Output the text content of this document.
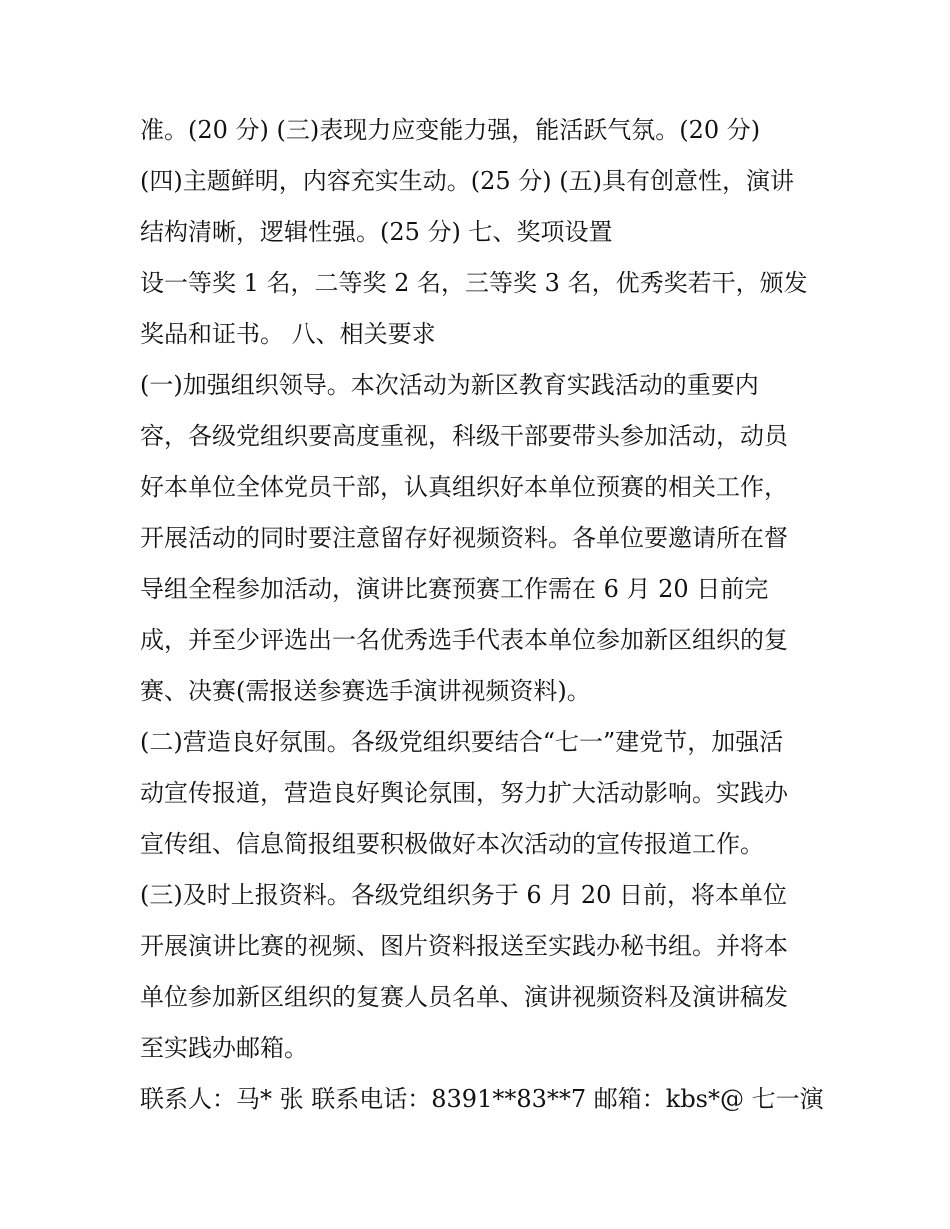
准。(20 分) (三)表现力应变能力强，能活跃气氛。(20 分)
(四)主题鲜明，内容充实生动。(25 分) (五)具有创意性，演讲
结构清晰，逻辑性强。(25 分) 七、奖项设置
设一等奖 1 名，二等奖 2 名，三等奖 3 名，优秀奖若干，颁发
奖品和证书。 八、相关要求
(一)加强组织领导。本次活动为新区教育实践活动的重要内
容，各级党组织要高度重视，科级干部要带头参加活动，动员
好本单位全体党员干部，认真组织好本单位预赛的相关工作，
开展活动的同时要注意留存好视频资料。各单位要邀请所在督
导组全程参加活动，演讲比赛预赛工作需在 6 月 20 日前完
成，并至少评选出一名优秀选手代表本单位参加新区组织的复
赛、决赛(需报送参赛选手演讲视频资料)。
(二)营造良好氛围。各级党组织要结合“七一”建党节，加强活
动宣传报道，营造良好舆论氛围，努力扩大活动影响。实践办
宣传组、信息简报组要积极做好本次活动的宣传报道工作。
(三)及时上报资料。各级党组织务于 6 月 20 日前，将本单位
开展演讲比赛的视频、图片资料报送至实践办秘书组。并将本
单位参加新区组织的复赛人员名单、演讲视频资料及演讲稿发
至实践办邮箱。
联系人：马* 张 联系电话：8391**83**7 邮箱：kbs*@ 七一演
